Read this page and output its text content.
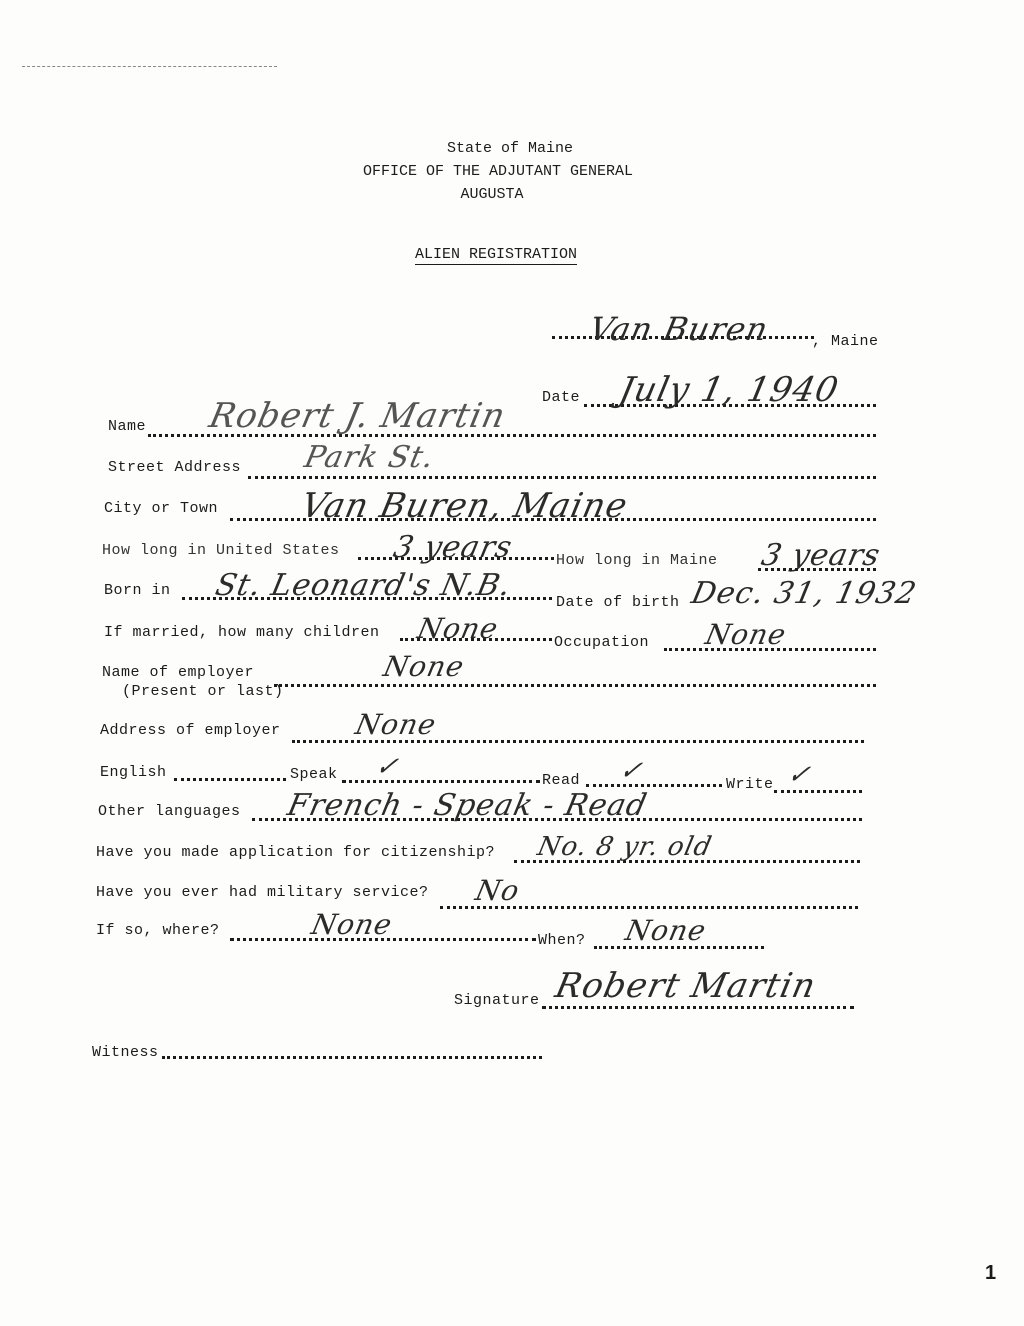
State of Maine
OFFICE OF THE ADJUTANT GENERAL
AUGUSTA
ALIEN REGISTRATION
Van Buren	, Maine
Date July 1, 1940
Name Robert J. Martin
Street Address Park St.
City or Town Van Buren, Maine
How long in United States 3 years	How long in Maine 3 years
Born in St. Leonard's N.B.	Date of birth Dec. 31, 1932
If married, how many children None	Occupation None
Name of employer
(Present or last)
None
Address of employer	None
English	Speak ✓	Read ✓	Write ✓
Other languages French - Speak - Read
Have you made application for citizenship? No. 8 yr. old
Have you ever had military service? No
If so, where?	None	When? None
Signature Robert Martin
Witness
1
